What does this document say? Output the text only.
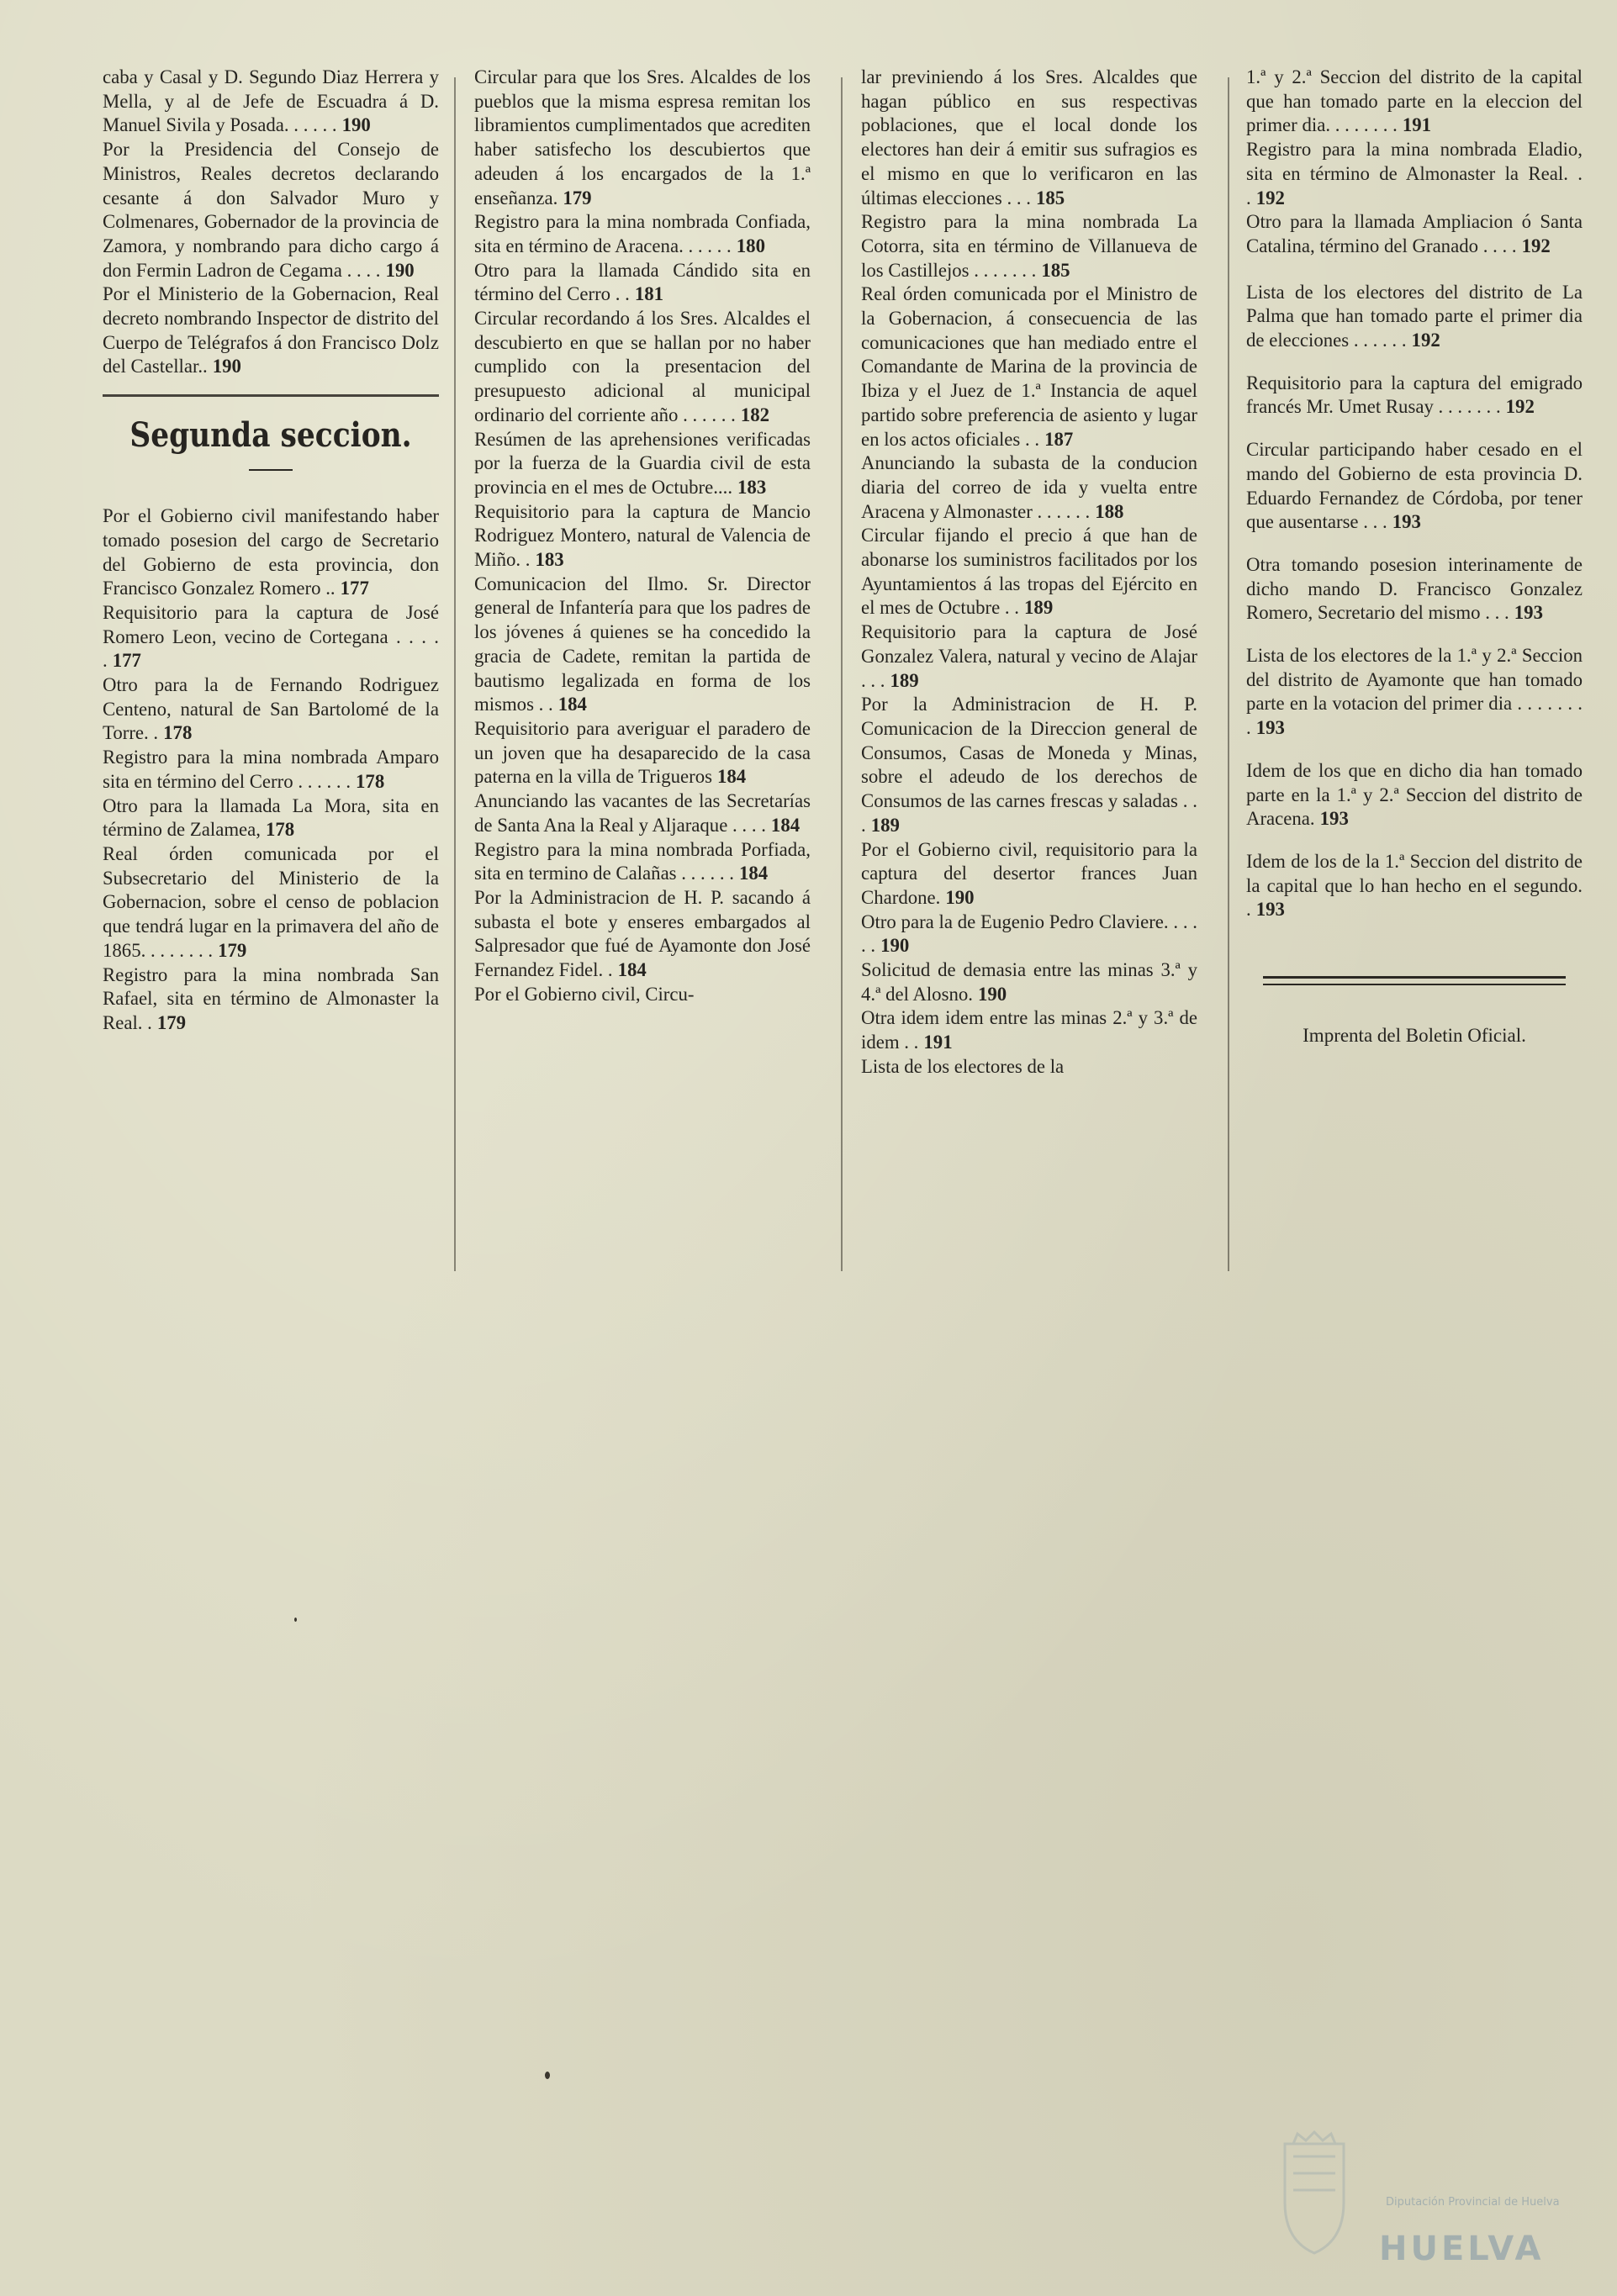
caba y Casal y D. Segundo Diaz Herrera y Mella, y al de Jefe de Escuadra á D. Manuel Sivila y Posada. . . . . . 190

Por la Presidencia del Consejo de Ministros, Reales decretos declarando cesante á don Salvador Muro y Colmenares, Gobernador de la provincia de Zamora, y nombrando para dicho cargo á don Fermin Ladron de Cegama . . . . 190

Por el Ministerio de la Gobernacion, Real decreto nombrando Inspector de distrito del Cuerpo de Telégrafos á don Francisco Dolz del Castellar.. 190

Segunda seccion.

Por el Gobierno civil manifestando haber tomado posesion del cargo de Secretario del Gobierno de esta provincia, don Francisco Gonzalez Romero .. 177

Requisitorio para la captura de José Romero Leon, vecino de Cortegana . . . . . 177

Otro para la de Fernando Rodriguez Centeno, natural de San Bartolomé de la Torre. . 178

Registro para la mina nombrada Amparo sita en término del Cerro . . . . . . 178

Otro para la llamada La Mora, sita en término de Zalamea, 178

Real órden comunicada por el Subsecretario del Ministerio de la Gobernacion, sobre el censo de poblacion que tendrá lugar en la primavera del año de 1865. . . . . . . . 179

Registro para la mina nombrada San Rafael, sita en término de Almonaster la Real. . 179

Circular para que los Sres. Alcaldes de los pueblos que la misma espresa remitan los libramientos cumplimentados que acrediten haber satisfecho los descubiertos que adeuden á los encargados de la 1.ª enseñanza. 179

Registro para la mina nombrada Confiada, sita en término de Aracena. . . . . . 180

Otro para la llamada Cándido sita en término del Cerro . . 181

Circular recordando á los Sres. Alcaldes el descubierto en que se hallan por no haber cumplido con la presentacion del presupuesto adicional al municipal ordinario del corriente año . . . . . . 182

Resúmen de las aprehensiones verificadas por la fuerza de la Guardia civil de esta provincia en el mes de Octubre.... 183

Requisitorio para la captura de Mancio Rodriguez Montero, natural de Valencia de Miño. . 183

Comunicacion del Ilmo. Sr. Director general de Infantería para que los padres de los jóvenes á quienes se ha concedido la gracia de Cadete, remitan la partida de bautismo legalizada en forma de los mismos . . 184

Requisitorio para averiguar el paradero de un joven que ha desaparecido de la casa paterna en la villa de Trigueros 184

Anunciando las vacantes de las Secretarías de Santa Ana la Real y Aljaraque . . . . 184

Registro para la mina nombrada Porfiada, sita en termino de Calañas . . . . . . 184

Por la Administracion de H. P. sacando á subasta el bote y enseres embargados al Salpresador que fué de Ayamonte don José Fernandez Fidel. . 184

Por el Gobierno civil, Circu-

lar previniendo á los Sres. Alcaldes que hagan público en sus respectivas poblaciones, que el local donde los electores han deir á emitir sus sufragios es el mismo en que lo verificaron en las últimas elecciones . . . 185

Registro para la mina nombrada La Cotorra, sita en término de Villanueva de los Castillejos . . . . . . . 185

Real órden comunicada por el Ministro de la Gobernacion, á consecuencia de las comunicaciones que han mediado entre el Comandante de Marina de la provincia de Ibiza y el Juez de 1.ª Instancia de aquel partido sobre preferencia de asiento y lugar en los actos oficiales . . 187

Anunciando la subasta de la conducion diaria del correo de ida y vuelta entre Aracena y Almonaster . . . . . . 188

Circular fijando el precio á que han de abonarse los suministros facilitados por los Ayuntamientos á las tropas del Ejército en el mes de Octubre . . 189

Requisitorio para la captura de José Gonzalez Valera, natural y vecino de Alajar . . . 189

Por la Administracion de H. P. Comunicacion de la Direccion general de Consumos, Casas de Moneda y Minas, sobre el adeudo de los derechos de Consumos de las carnes frescas y saladas . . . 189

Por el Gobierno civil, requisitorio para la captura del desertor frances Juan Chardone. 190

Otro para la de Eugenio Pedro Claviere. . . . . . 190

Solicitud de demasia entre las minas 3.ª y 4.ª del Alosno. 190

Otra idem idem entre las minas 2.ª y 3.ª de idem . . 191

Lista de los electores de la

1.ª y 2.ª Seccion del distrito de la capital que han tomado parte en la eleccion del primer dia. . . . . . . . 191

Registro para la mina nombrada Eladio, sita en término de Almonaster la Real. . . 192

Otro para la llamada Ampliacion ó Santa Catalina, término del Granado . . . . 192

Lista de los electores del distrito de La Palma que han tomado parte el primer dia de elecciones . . . . . . 192

Requisitorio para la captura del emigrado francés Mr. Umet Rusay . . . . . . . 192

Circular participando haber cesado en el mando del Gobierno de esta provincia D. Eduardo Fernandez de Córdoba, por tener que ausentarse . . . 193

Otra tomando posesion interinamente de dicho mando D. Francisco Gonzalez Romero, Secretario del mismo . . . 193

Lista de los electores de la 1.ª y 2.ª Seccion del distrito de Ayamonte que han tomado parte en la votacion del primer dia . . . . . . . . 193

Idem de los que en dicho dia han tomado parte en la 1.ª y 2.ª Seccion del distrito de Aracena. 193

Idem de los de la 1.ª Seccion del distrito de la capital que lo han hecho en el segundo. . 193

Imprenta del Boletin Oficial.
Diputación Provincial de Huelva
HUELVA
